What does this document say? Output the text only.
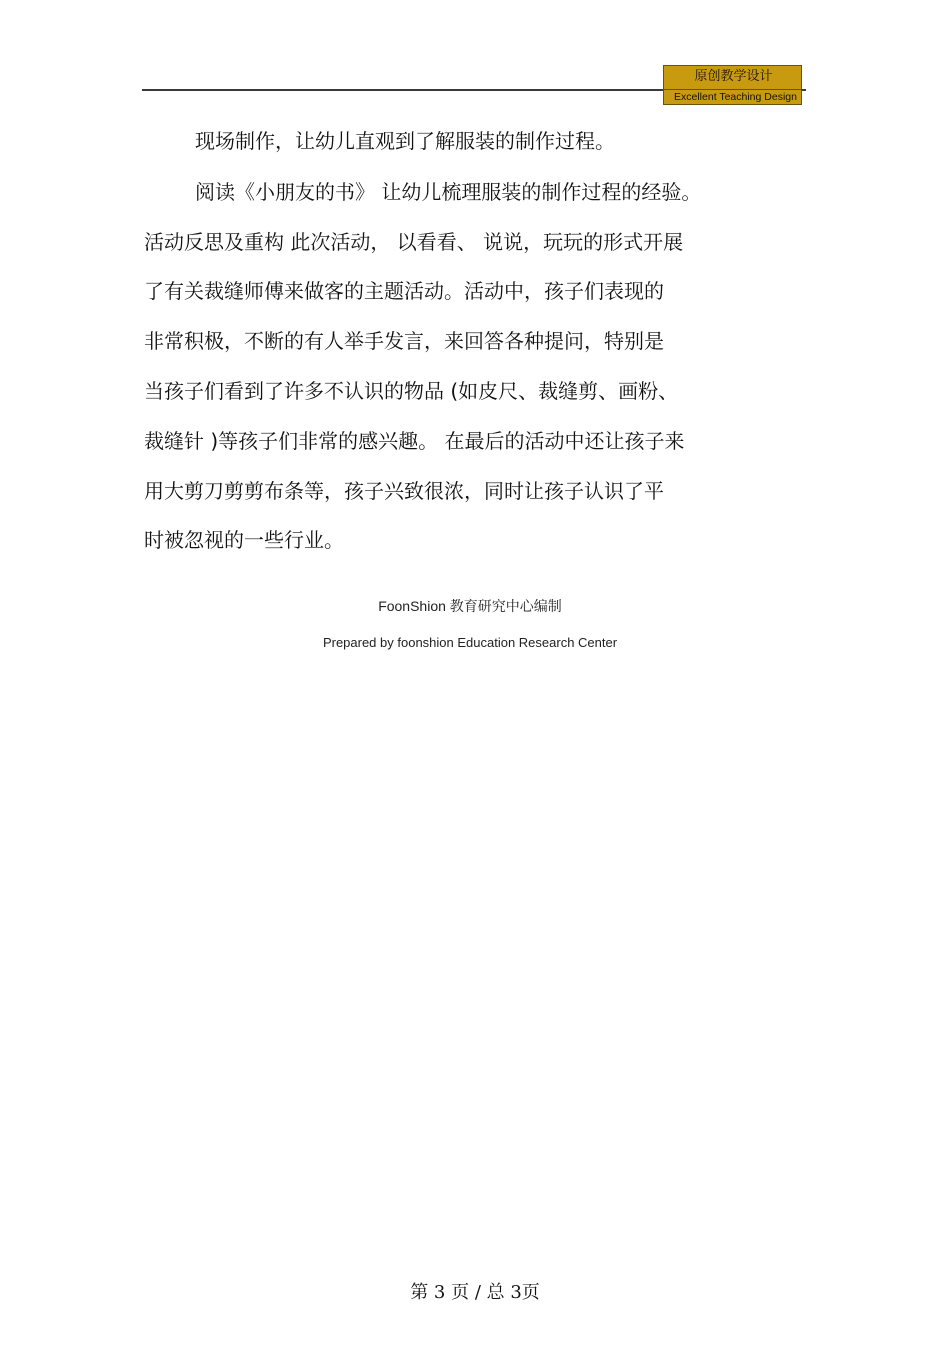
原创教学设计
Excellent Teaching Design
现场制作，让幼儿直观到了解服装的制作过程。
阅读《小朋友的书》 让幼儿梳理服装的制作过程的经验。
活动反思及重构 此次活动， 以看看、 说说，玩玩的形式开展
了有关裁缝师傅来做客的主题活动。活动中，孩子们表现的
非常积极，不断的有人举手发言，来回答各种提问，特别是
当孩子们看到了许多不认识的物品 (如皮尺、裁缝剪、画粉、
裁缝针 )等孩子们非常的感兴趣。 在最后的活动中还让孩子来
用大剪刀剪剪布条等，孩子兴致很浓，同时让孩子认识了平
时被忽视的一些行业。
FoonShion 教育研究中心编制
Prepared by foonshion Education Research Center
第 3 页 / 总 3页
